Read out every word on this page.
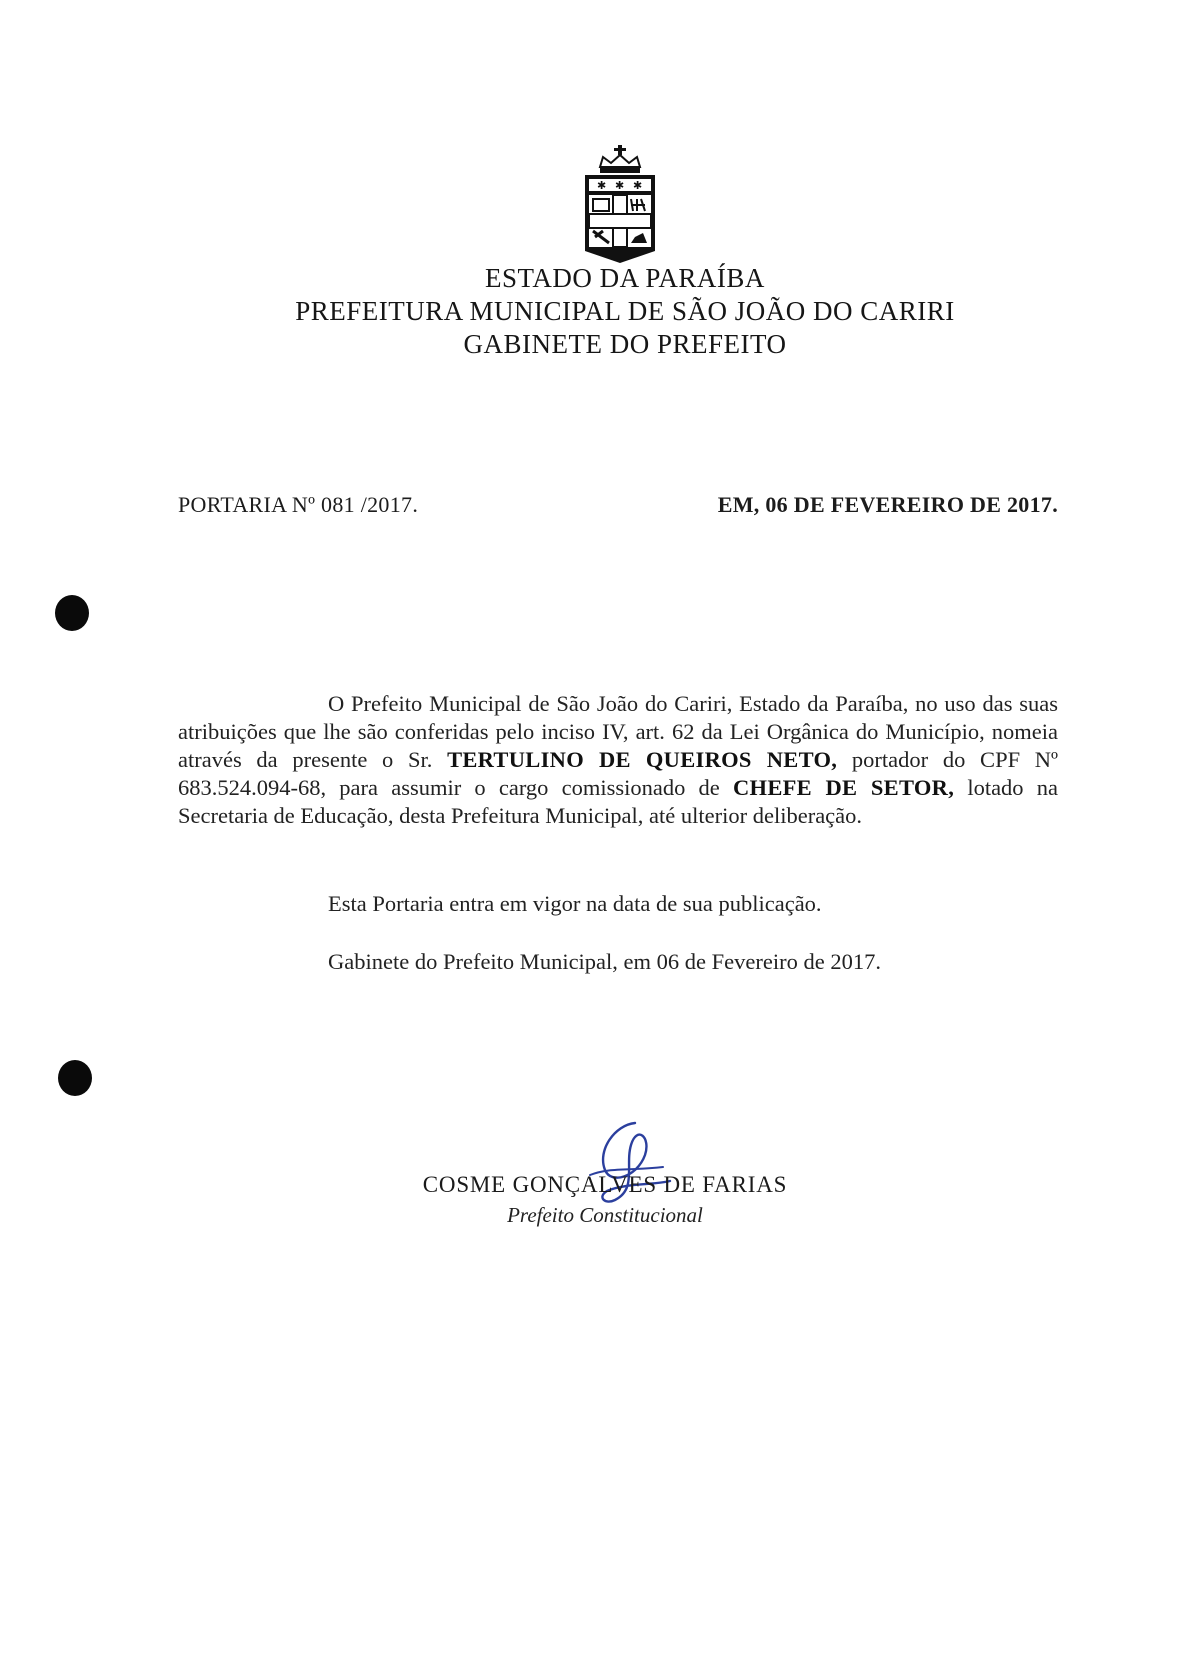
✱ ✱ ✱
ESTADO DA PARAÍBA
PREFEITURA MUNICIPAL DE SÃO JOÃO DO CARIRI
GABINETE DO PREFEITO
PORTARIA Nº 081 /2017.	EM, 06 DE FEVEREIRO DE 2017.

O Prefeito Municipal de São João do Cariri, Estado da Paraíba, no uso das suas atribuições que lhe são conferidas pelo inciso IV, art. 62 da Lei Orgânica do Município, nomeia através da presente o Sr. TERTULINO DE QUEIROS NETO, portador do CPF Nº 683.524.094-68, para assumir o cargo comissionado de CHEFE DE SETOR, lotado na Secretaria de Educação, desta Prefeitura Municipal, até ulterior deliberação.

Esta Portaria entra em vigor na data de sua publicação.
Gabinete do Prefeito Municipal, em 06 de Fevereiro de 2017.
COSME GONÇALVES DE FARIAS
Prefeito Constitucional
